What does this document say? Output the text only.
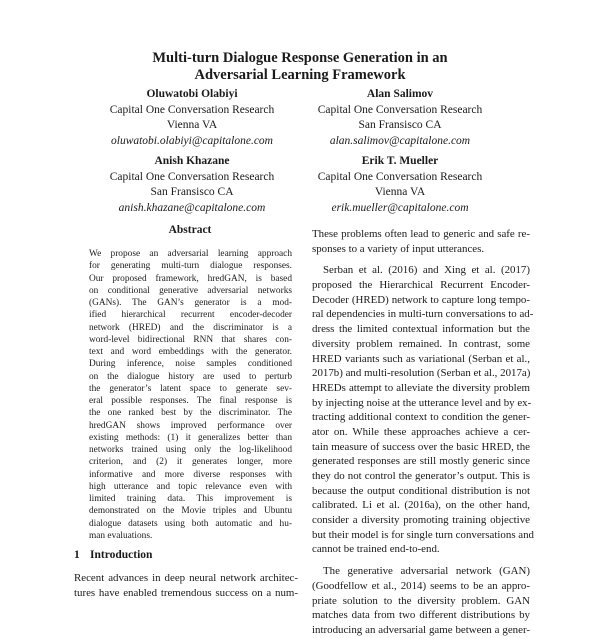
Multi-turn Dialogue Response Generation in an
Adversarial Learning Framework
Oluwatobi Olabiyi
Capital One Conversation Research
Vienna VA
oluwatobi.olabiyi@capitalone.com
Alan Salimov
Capital One Conversation Research
San Fransisco CA
alan.salimov@capitalone.com
Anish Khazane
Capital One Conversation Research
San Fransisco CA
anish.khazane@capitalone.com
Erik T. Mueller
Capital One Conversation Research
Vienna VA
erik.mueller@capitalone.com
Abstract
We propose an adversarial learning approach
for generating multi-turn dialogue responses.
Our proposed framework, hredGAN, is based
on conditional generative adversarial networks
(GANs). The GAN’s generator is a mod-
ified hierarchical recurrent encoder-decoder
network (HRED) and the discriminator is a
word-level bidirectional RNN that shares con-
text and word embeddings with the generator.
During inference, noise samples conditioned
on the dialogue history are used to perturb
the generator’s latent space to generate sev-
eral possible responses. The final response is
the one ranked best by the discriminator. The
hredGAN shows improved performance over
existing methods: (1) it generalizes better than
networks trained using only the log-likelihood
criterion, and (2) it generates longer, more
informative and more diverse responses with
high utterance and topic relevance even with
limited training data. This improvement is
demonstrated on the Movie triples and Ubuntu
dialogue datasets using both automatic and hu-
man evaluations.
1 Introduction
Recent advances in deep neural network architec-
tures have enabled tremendous success on a num-
These problems often lead to generic and safe re-
sponses to a variety of input utterances.
Serban et al. (2016) and Xing et al. (2017)
proposed the Hierarchical Recurrent Encoder-
Decoder (HRED) network to capture long tempo-
ral dependencies in multi-turn conversations to ad-
dress the limited contextual information but the
diversity problem remained. In contrast, some
HRED variants such as variational (Serban et al.,
2017b) and multi-resolution (Serban et al., 2017a)
HREDs attempt to alleviate the diversity problem
by injecting noise at the utterance level and by ex-
tracting additional context to condition the gener-
ator on. While these approaches achieve a cer-
tain measure of success over the basic HRED, the
generated responses are still mostly generic since
they do not control the generator’s output. This is
because the output conditional distribution is not
calibrated. Li et al. (2016a), on the other hand,
consider a diversity promoting training objective
but their model is for single turn conversations and
cannot be trained end-to-end.
The generative adversarial network (GAN)
(Goodfellow et al., 2014) seems to be an appro-
priate solution to the diversity problem. GAN
matches data from two different distributions by
introducing an adversarial game between a gener-
